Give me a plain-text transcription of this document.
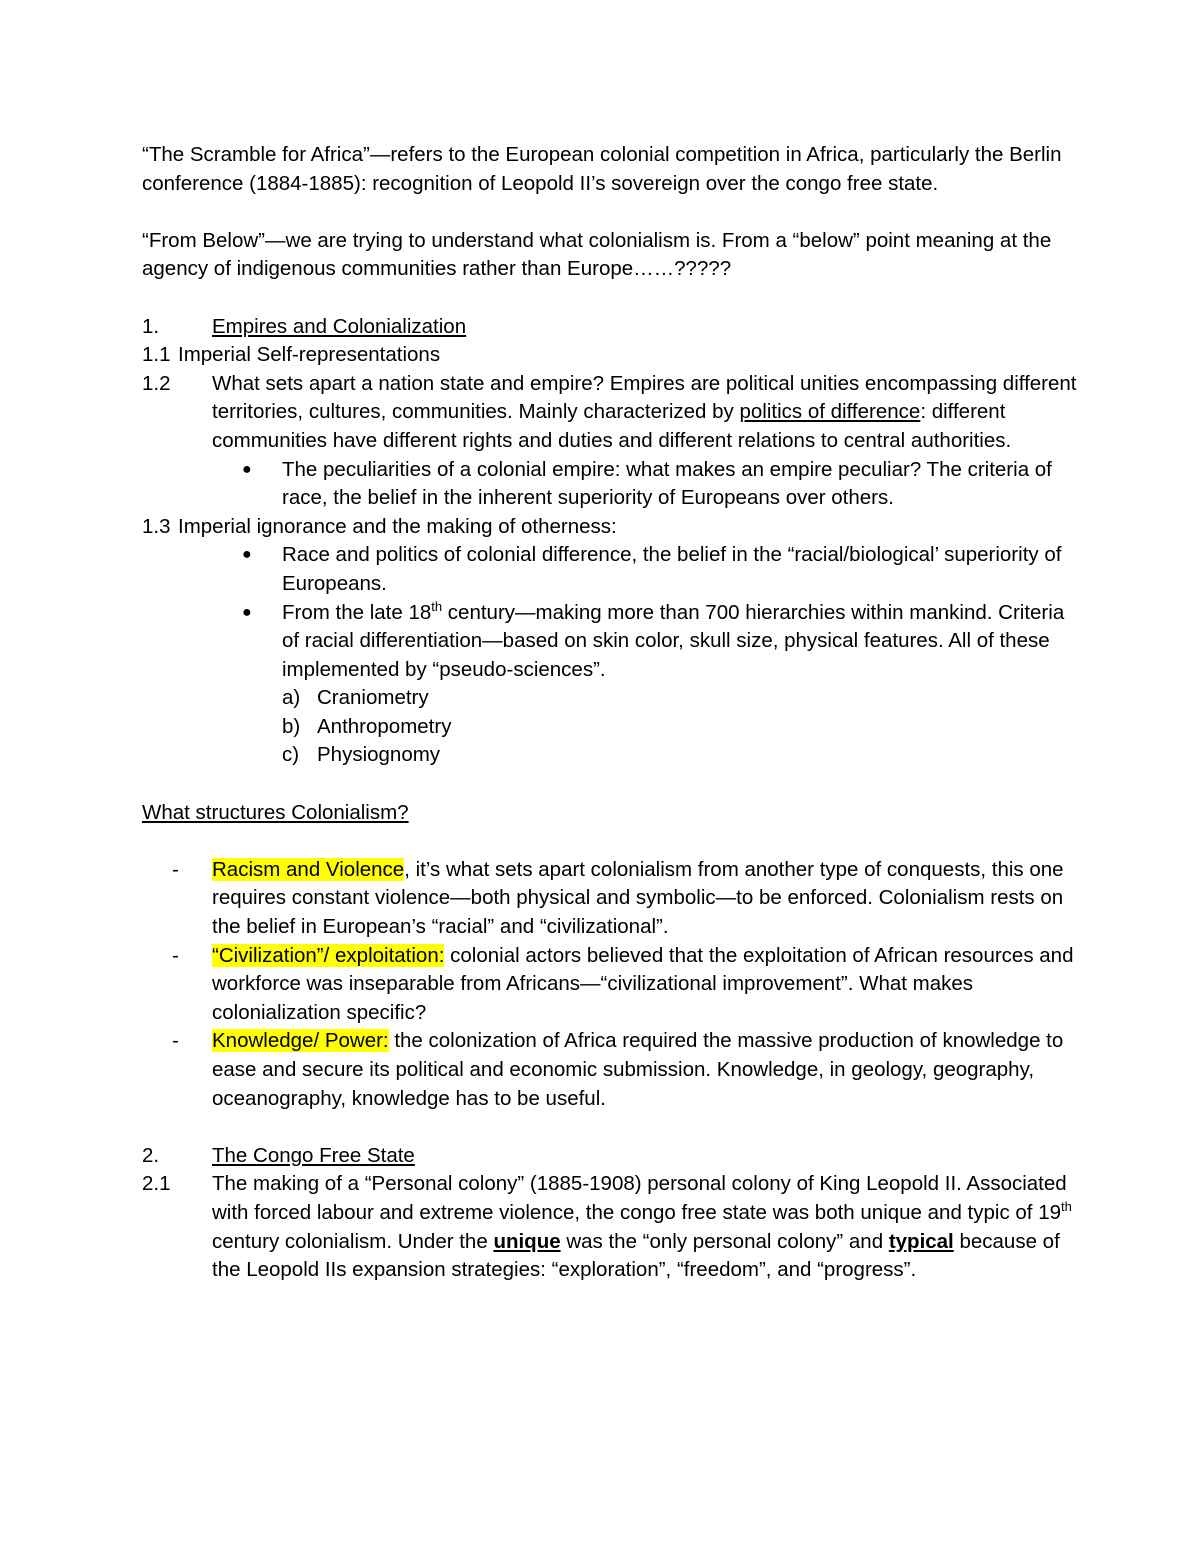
“The Scramble for Africa”—refers to the European colonial competition in Africa, particularly the Berlin conference (1884-1885): recognition of Leopold II’s sovereign over the congo free state.

“From Below”—we are trying to understand what colonialism is. From a “below” point meaning at the agency of indigenous communities rather than Europe……?????

1.	Empires and Colonialization
1.1 Imperial Self-representations

1.2 What sets apart a nation state and empire? Empires are political unities encompassing different territories, cultures, communities. Mainly characterized by politics of difference: different communities have different rights and duties and different relations to central authorities.

●	The peculiarities of a colonial empire: what makes an empire peculiar? The criteria of race, the belief in the inherent superiority of Europeans over others.
1.3 Imperial ignorance and the making of otherness:
●	Race and politics of colonial difference, the belief in the “racial/biological’ superiority of Europeans.
●	From the late 18th century—making more than 700 hierarchies within mankind. Criteria of racial differentiation—based on skin color, skull size, physical features. All of these implemented by “pseudo-sciences”.
a) Craniometry
b) Anthropometry
c) Physiognomy

What structures Colonialism?

-	Racism and Violence, it’s what sets apart colonialism from another type of conquests, this one requires constant violence—both physical and symbolic—to be enforced. Colonialism rests on the belief in European’s “racial” and “civilizational”.
-	“Civilization”/ exploitation: colonial actors believed that the exploitation of African resources and workforce was inseparable from Africans—“civilizational improvement”. What makes colonialization specific?
-	Knowledge/ Power: the colonization of Africa required the massive production of knowledge to ease and secure its political and economic submission. Knowledge, in geology, geography, oceanography, knowledge has to be useful.
2.	The Congo Free State

2.1 The making of a “Personal colony” (1885-1908) personal colony of King Leopold II. Associated with forced labour and extreme violence, the congo free state was both unique and typic of 19th century colonialism. Under the unique was the “only personal colony” and typical because of the Leopold IIs expansion strategies: “exploration”, “freedom”, and “progress”.
